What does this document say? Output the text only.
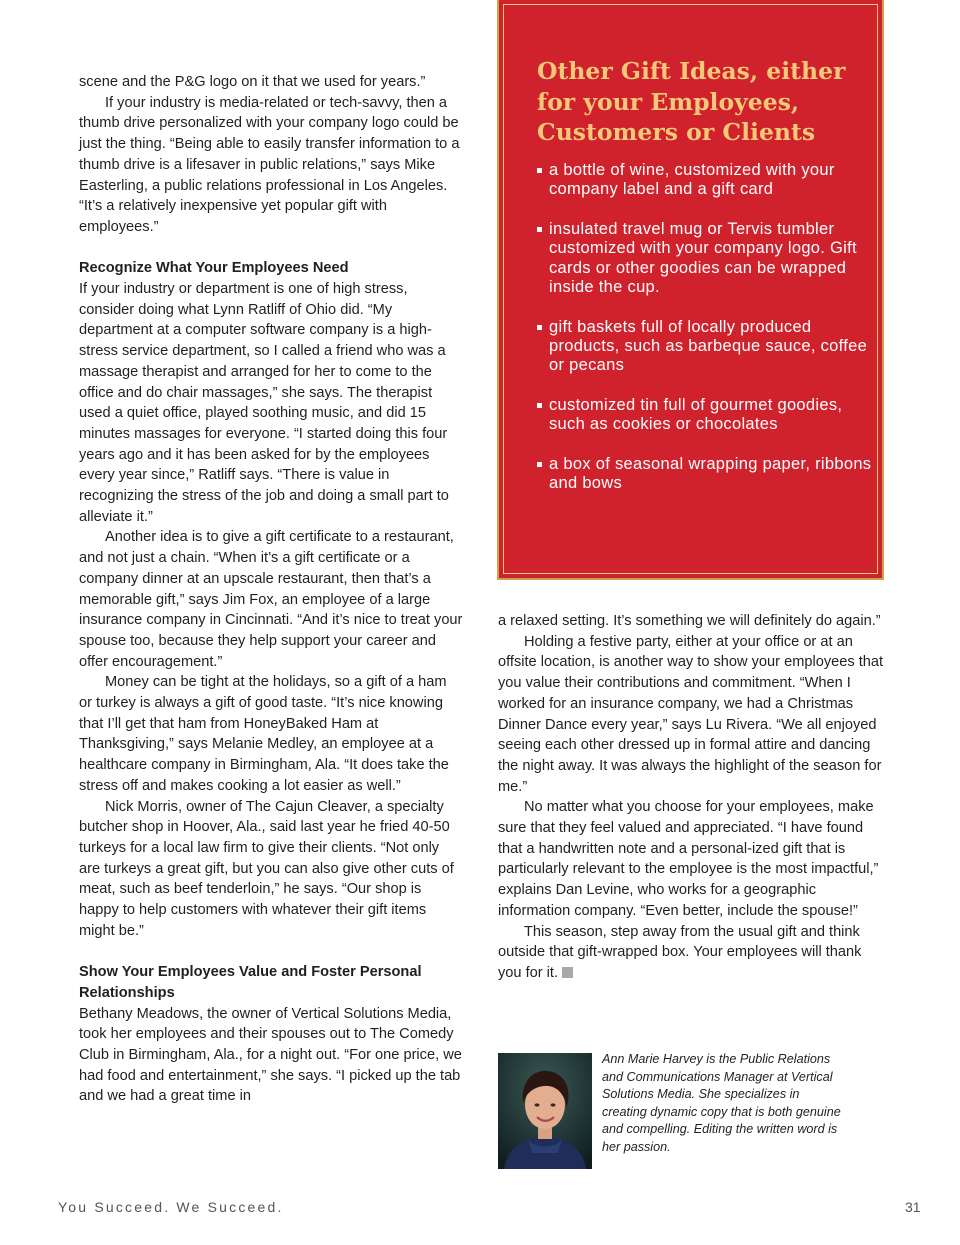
scene and the P&G logo on it that we used for years.”

If your industry is media-related or tech-savvy, then a thumb drive personalized with your company logo could be just the thing. “Being able to easily transfer information to a thumb drive is a lifesaver in public relations,” says Mike Easterling, a public relations professional in Los Angeles. “It’s a relatively inexpensive yet popular gift with employees.”

Recognize What Your Employees Need

If your industry or department is one of high stress, consider doing what Lynn Ratliff of Ohio did. “My department at a computer software company is a high-stress service department, so I called a friend who was a massage therapist and arranged for her to come to the office and do chair massages,” she says. The therapist used a quiet office, played soothing music, and did 15 minutes massages for everyone. “I started doing this four years ago and it has been asked for by the employees every year since,” Ratliff says. “There is value in recognizing the stress of the job and doing a small part to alleviate it.”

Another idea is to give a gift certificate to a restaurant, and not just a chain. “When it’s a gift certificate or a company dinner at an upscale restaurant, then that’s a memorable gift,” says Jim Fox, an employee of a large insurance company in Cincinnati. “And it’s nice to treat your spouse too, because they help support your career and offer encouragement.”

Money can be tight at the holidays, so a gift of a ham or turkey is always a gift of good taste. “It’s nice knowing that I’ll get that ham from HoneyBaked Ham at Thanksgiving,” says Melanie Medley, an employee at a healthcare company in Birmingham, Ala. “It does take the stress off and makes cooking a lot easier as well.”

Nick Morris, owner of The Cajun Cleaver, a specialty butcher shop in Hoover, Ala., said last year he fried 40-50 turkeys for a local law firm to give their clients. “Not only are turkeys a great gift, but you can also give other cuts of meat, such as beef tenderloin,” he says. “Our shop is happy to help customers with whatever their gift items might be.”

Show Your Employees Value and Foster Personal Relationships

Bethany Meadows, the owner of Vertical Solutions Media, took her employees and their spouses out to The Comedy Club in Birmingham, Ala., for a night out. “For one price, we had food and entertainment,” she says. “I picked up the tab and we had a great time in

Other Gift Ideas, either for your Employees, Customers or Clients
a bottle of wine, customized with your company label and a gift card
insulated travel mug or Tervis tumbler customized with your company logo. Gift cards or other goodies can be wrapped inside the cup.
gift baskets full of locally produced products, such as barbeque sauce, coffee or pecans
customized tin full of gourmet goodies, such as cookies or chocolates
a box of seasonal wrapping paper, ribbons and bows

a relaxed setting. It’s something we will definitely do again.”

Holding a festive party, either at your office or at an offsite location, is another way to show your employees that you value their contributions and commitment. “When I worked for an insurance company, we had a Christmas Dinner Dance every year,” says Lu Rivera. “We all enjoyed seeing each other dressed up in formal attire and dancing the night away. It was always the highlight of the season for me.”

No matter what you choose for your employees, make sure that they feel valued and appreciated. “I have found that a handwritten note and a personal-ized gift that is particularly relevant to the employee is the most impactful,” explains Dan Levine, who works for a geographic information company. “Even better, include the spouse!”

This season, step away from the usual gift and think outside that gift-wrapped box. Your employees will thank you for it.

Ann Marie Harvey is the Public Relations and Communications Manager at Vertical Solutions Media. She specializes in creating dynamic copy that is both genuine and compelling. Editing the written word is her passion.

You Succeed. We Succeed.	31
